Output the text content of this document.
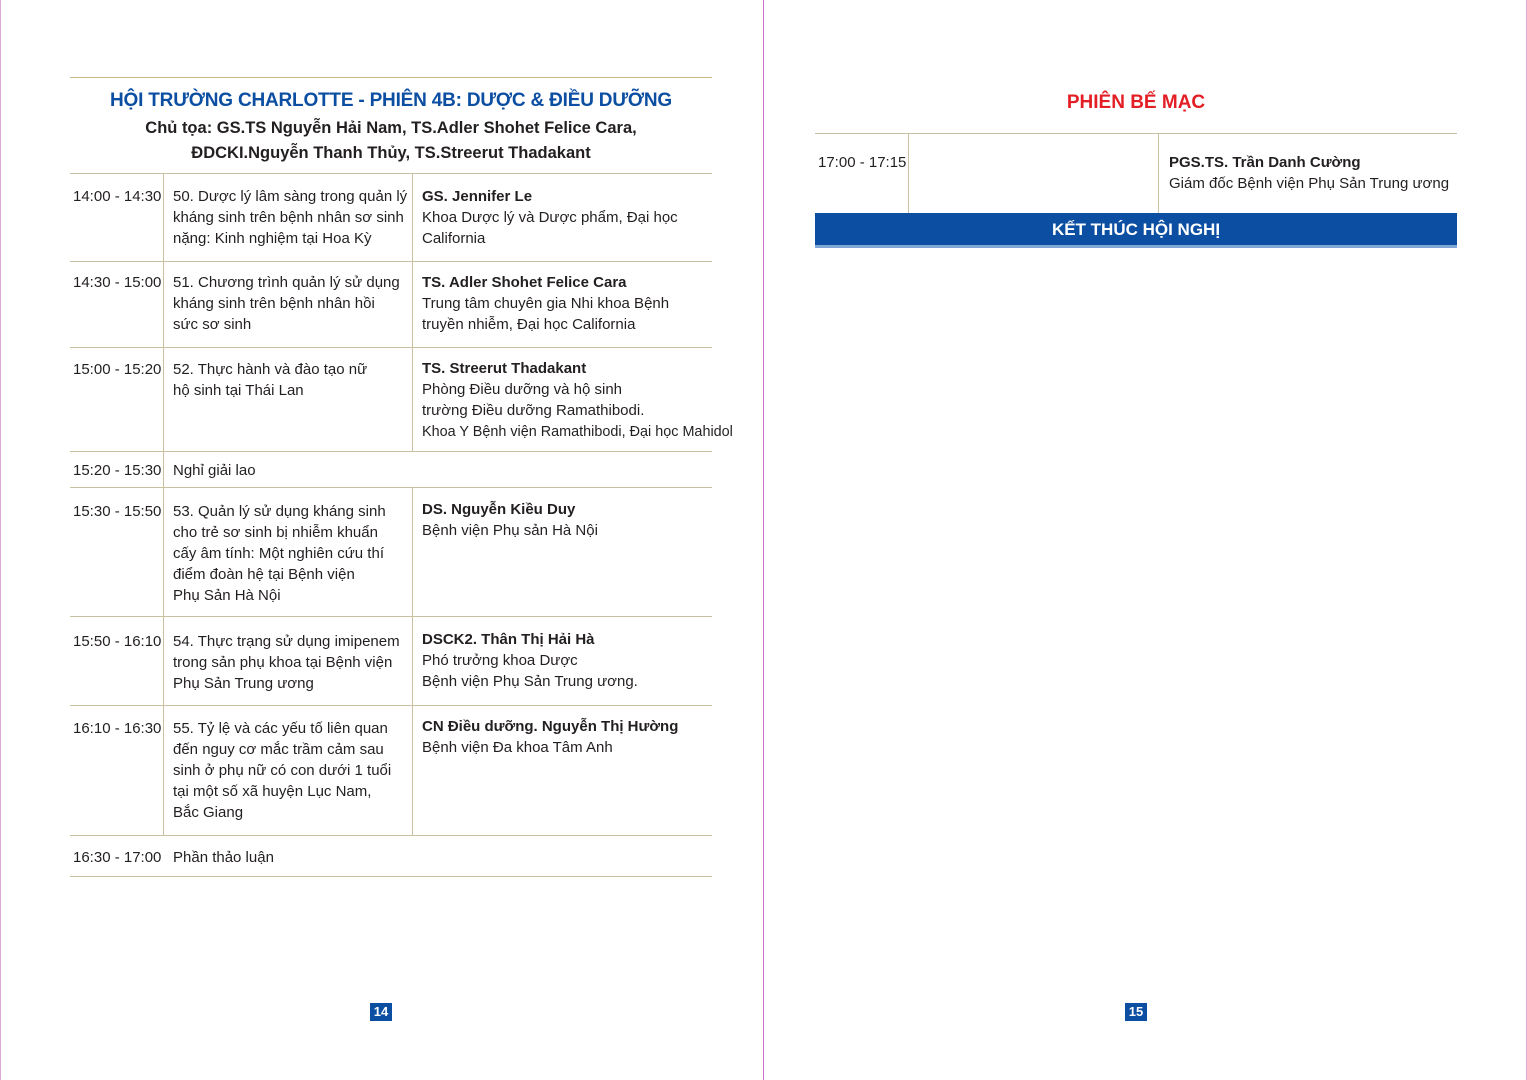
HỘI TRƯỜNG CHARLOTTE - PHIÊN 4B: DƯỢC & ĐIỀU DƯỠNG
Chủ tọa: GS.TS Nguyễn Hải Nam, TS.Adler Shohet Felice Cara,
ĐDCKI.Nguyễn Thanh Thủy, TS.Streerut Thadakant
14:00 - 14:30 50. Dược lý lâm sàng trong quản lý
kháng sinh trên bệnh nhân sơ sinh
nặng: Kinh nghiệm tại Hoa Kỳ
GS. Jennifer Le
Khoa Dược lý và Dược phẩm, Đại học California
14:30 - 15:00 51. Chương trình quản lý sử dụng
kháng sinh trên bệnh nhân hồi
sức sơ sinh
TS. Adler Shohet Felice Cara
Trung tâm chuyên gia Nhi khoa Bệnh
truyền nhiễm, Đại học California
15:00 - 15:20 52. Thực hành và đào tạo nữ
hộ sinh tại Thái Lan
TS. Streerut Thadakant
Phòng Điều dưỡng và hộ sinh
trường Điều dưỡng Ramathibodi.
Khoa Y Bệnh viện Ramathibodi, Đại học Mahidol
15:20 - 15:30 Nghỉ giải lao
15:30 - 15:50 53. Quản lý sử dụng kháng sinh
cho trẻ sơ sinh bị nhiễm khuẩn
cấy âm tính: Một nghiên cứu thí
điểm đoàn hệ tại Bệnh viện
Phụ Sản Hà Nội
DS. Nguyễn Kiều Duy
Bệnh viện Phụ sản Hà Nội
15:50 - 16:10 54. Thực trạng sử dụng imipenem
trong sản phụ khoa tại Bệnh viện
Phụ Sản Trung ương
DSCK2. Thân Thị Hải Hà
Phó trưởng khoa Dược
Bệnh viện Phụ Sản Trung ương.
16:10 - 16:30 55. Tỷ lệ và các yếu tố liên quan
đến nguy cơ mắc trầm cảm sau
sinh ở phụ nữ có con dưới 1 tuổi
tại một số xã huyện Lục Nam,
Bắc Giang
CN Điều dưỡng. Nguyễn Thị Hường
Bệnh viện Đa khoa Tâm Anh
16:30 - 17:00 Phần thảo luận
14
PHIÊN BẾ MẠC
17:00 - 17:15	PGS.TS. Trần Danh Cường
Giám đốc Bệnh viện Phụ Sản Trung ương
KẾT THÚC HỘI NGHỊ
15
